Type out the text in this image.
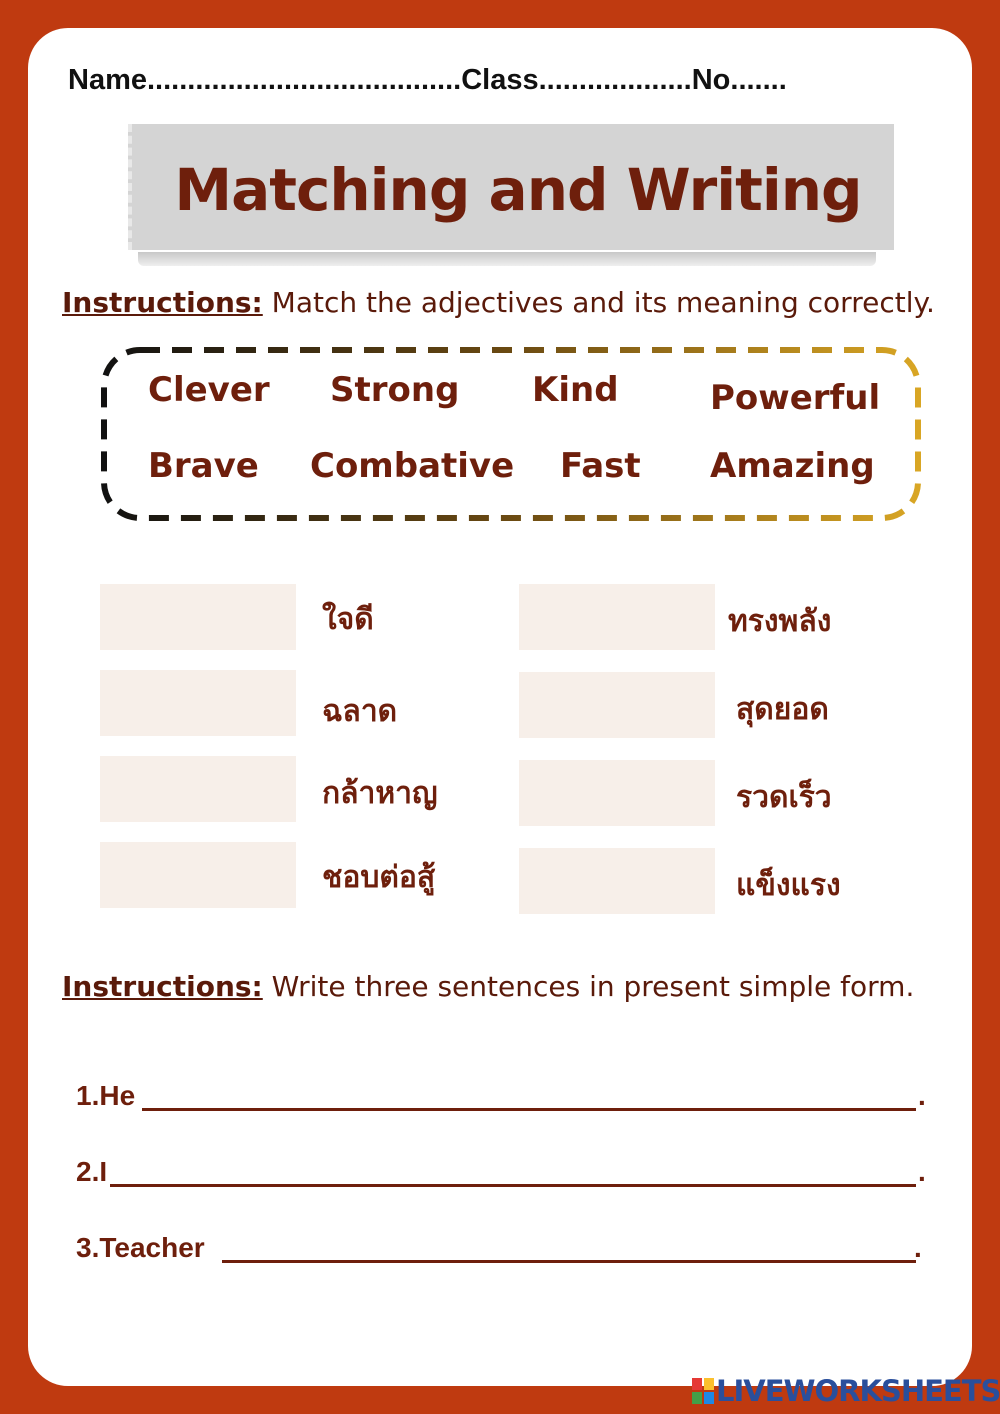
Name.......................................Class...................No.......
Matching and Writing
Instructions: Match the adjectives and its meaning correctly.
Clever Strong Kind	Powerful
Brave Combative Fast Amazing
ใจดี
ฉลาด
กล้าหาญ
ชอบต่อสู้
ทรงพลัง
สุดยอด
รวดเร็ว
แข็งแรง
Instructions: Write three sentences in present simple form.
1.He	.
2.I	.
3.Teacher	.
LIVEWORKSHEETS
